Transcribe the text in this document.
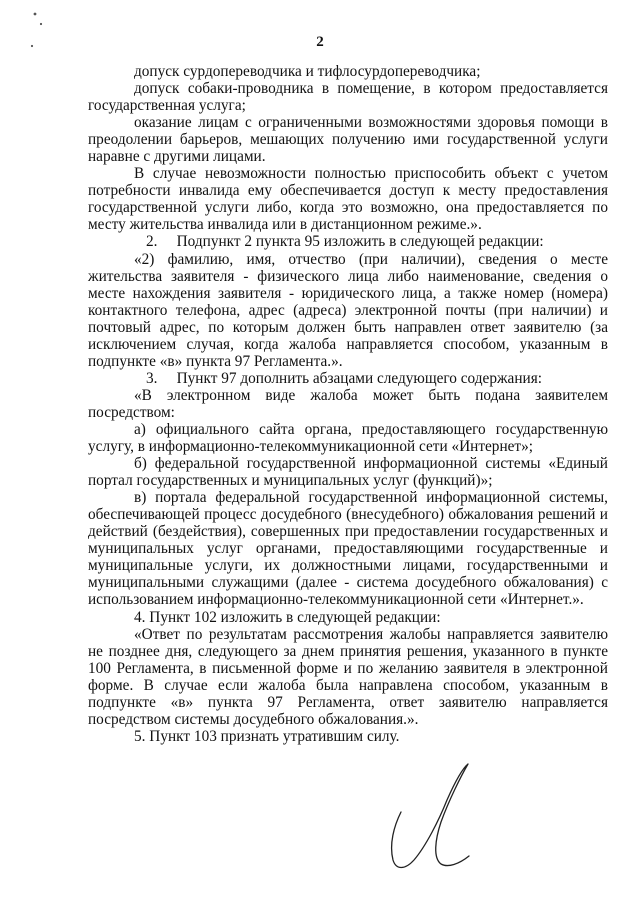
2

допуск сурдопереводчика и тифлосурдопереводчика;

допуск собаки-проводника в помещение, в котором предоставляется государственная услуга;

оказание лицам с ограниченными возможностями здоровья помощи в преодолении барьеров, мешающих получению ими государственной услуги наравне с другими лицами.

В случае невозможности полностью приспособить объект с учетом потребности инвалида ему обеспечивается доступ к месту предоставления государственной услуги либо, когда это возможно, она предоставляется по месту жительства инвалида или в дистанционном режиме.».

2.     Подпункт 2 пункта 95 изложить в следующей редакции:

«2) фамилию, имя, отчество (при наличии), сведения о месте жительства заявителя - физического лица либо наименование, сведения о месте нахождения заявителя - юридического лица, а также номер (номера) контактного телефона, адрес (адреса) электронной почты (при наличии) и почтовый адрес, по которым должен быть направлен ответ заявителю (за исключением случая, когда жалоба направляется способом, указанным в подпункте «в» пункта 97 Регламента.».

3.     Пункт 97 дополнить абзацами следующего содержания:

«В электронном виде жалоба может быть подана заявителем посредством:

а) официального сайта органа, предоставляющего государственную услугу, в информационно-телекоммуникационной сети «Интернет»;

б) федеральной государственной информационной системы «Единый портал государственных и муниципальных услуг (функций)»;

в) портала федеральной государственной информационной системы, обеспечивающей процесс досудебного (внесудебного) обжалования решений и действий (бездействия), совершенных при предоставлении государственных и муниципальных услуг органами, предоставляющими государственные и муниципальные услуги, их должностными лицами, государственными и муниципальными служащими (далее - система досудебного обжалования) с использованием информационно-телекоммуникационной сети «Интернет.».

4. Пункт 102 изложить в следующей редакции:

«Ответ по результатам рассмотрения жалобы направляется заявителю не позднее дня, следующего за днем принятия решения, указанного в пункте 100 Регламента, в письменной форме и по желанию заявителя в электронной форме. В случае если жалоба была направлена способом, указанным в подпункте «в» пункта 97 Регламента, ответ заявителю направляется посредством системы досудебного обжалования.».

5. Пункт 103 признать утратившим силу.
